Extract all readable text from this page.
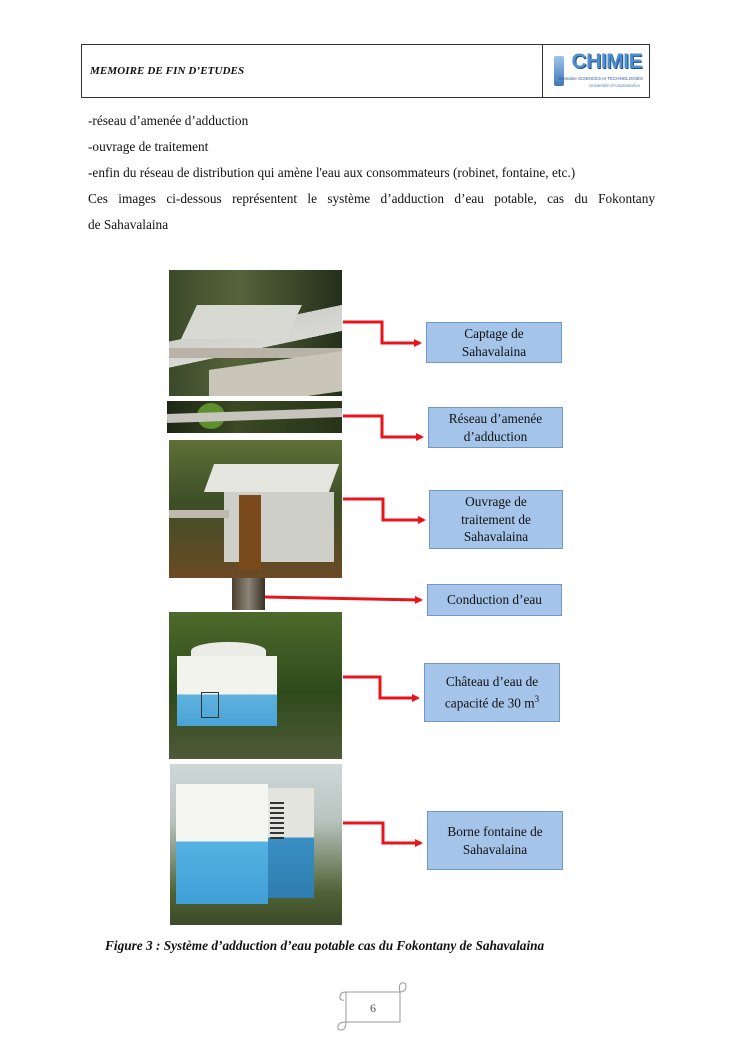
MEMOIRE DE FIN D’ETUDES	CHIMIE
Domaine SCIENCES et TECHNOLOGIES
Université d'Antananarivo
-réseau d’amenée d’adduction
-ouvrage de traitement
-enfin du réseau de distribution qui amène l'eau aux consommateurs (robinet, fontaine, etc.)
Ces images ci-dessous représentent le système d’adduction d’eau potable, cas du Fokontany
de Sahavalaina
Captage de
Sahavalaina
Réseau d’amenée
d’adduction
Ouvrage de
traitement de
Sahavalaina
Conduction d’eau
Château d’eau de
capacité de 30 $m^3$
Borne fontaine de
Sahavalaina
Figure 3 : Système d’adduction d’eau potable cas du Fokontany de Sahavalaina
6
